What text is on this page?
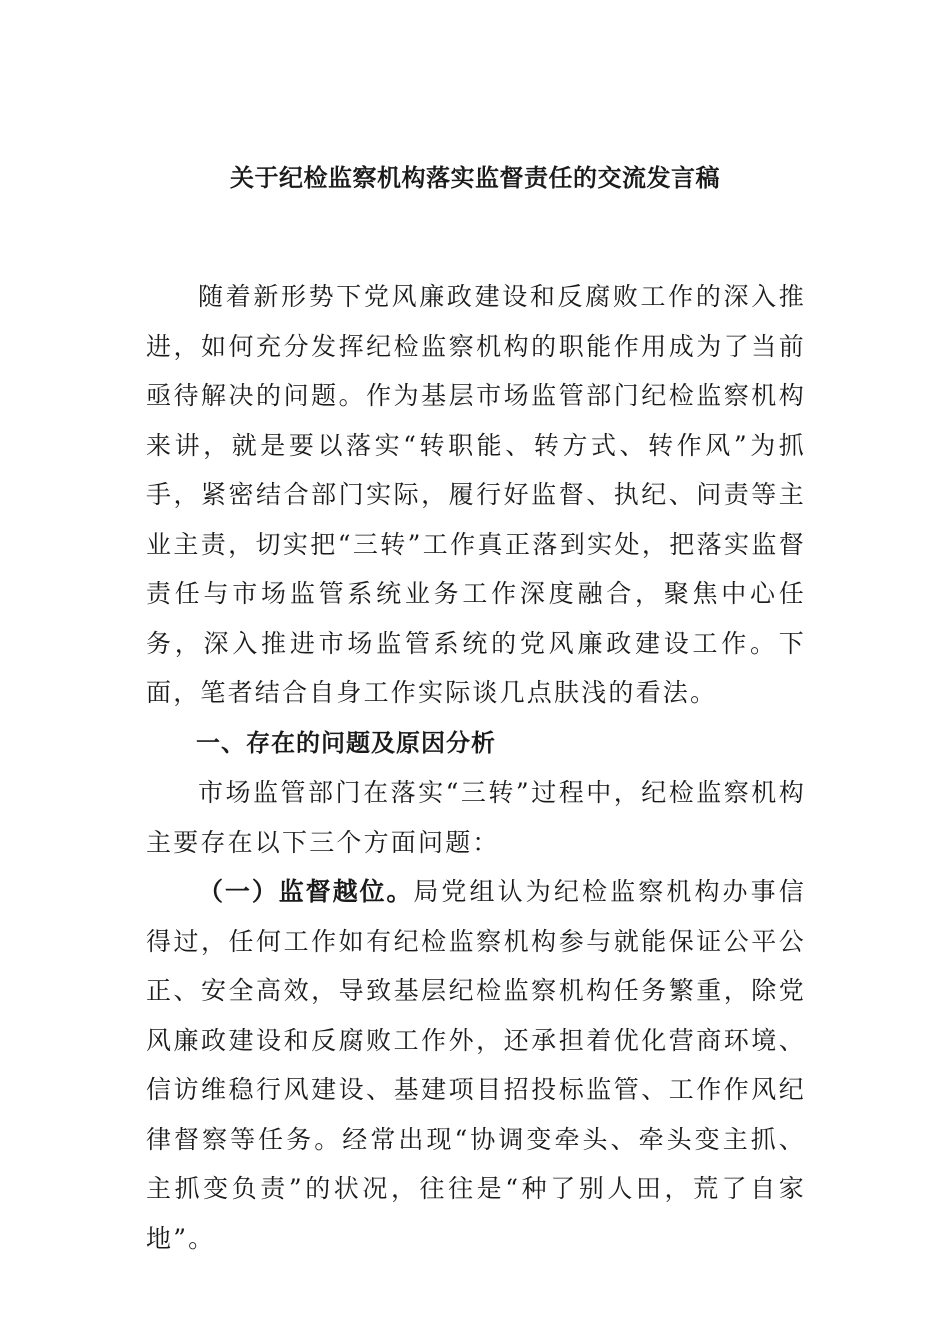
关于纪检监察机构落实监督责任的交流发言稿

随着新形势下党风廉政建设和反腐败工作的深入推进，如何充分发挥纪检监察机构的职能作用成为了当前亟待解决的问题。作为基层市场监管部门纪检监察机构来讲，就是要以落实“转职能、转方式、转作风”为抓手，紧密结合部门实际，履行好监督、执纪、问责等主业主责，切实把“三转”工作真正落到实处，把落实监督责任与市场监管系统业务工作深度融合，聚焦中心任务，深入推进市场监管系统的党风廉政建设工作。下面，笔者结合自身工作实际谈几点肤浅的看法。

一、存在的问题及原因分析

市场监管部门在落实“三转”过程中，纪检监察机构主要存在以下三个方面问题：

（一）监督越位。局党组认为纪检监察机构办事信得过，任何工作如有纪检监察机构参与就能保证公平公正、安全高效，导致基层纪检监察机构任务繁重，除党风廉政建设和反腐败工作外，还承担着优化营商环境、信访维稳行风建设、基建项目招投标监管、工作作风纪律督察等任务。经常出现“协调变牵头、牵头变主抓、主抓变负责”的状况，往往是“种了别人田，荒了自家地”。
